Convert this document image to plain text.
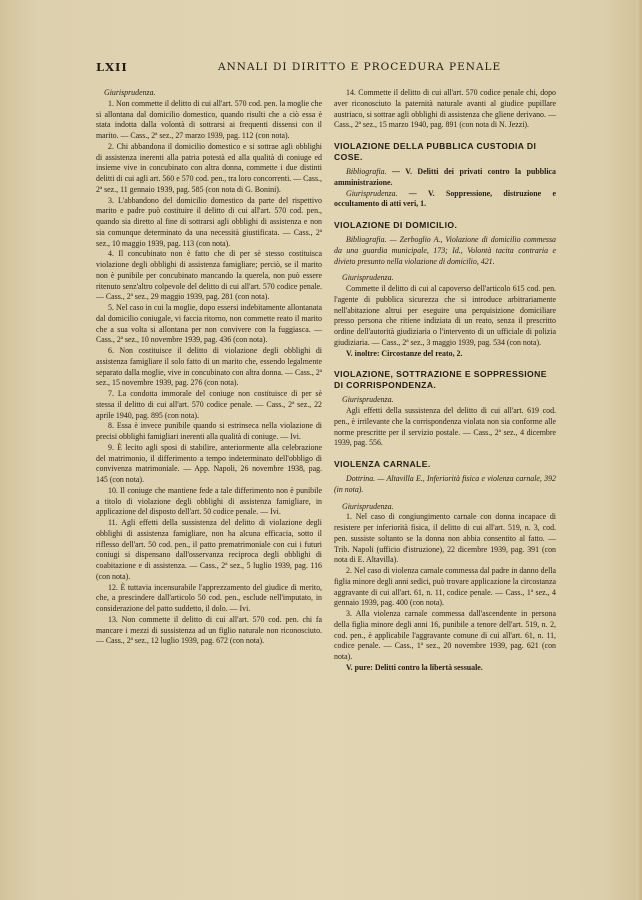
LXII	ANNALI DI DIRITTO E PROCEDURA PENALE

Giurisprudenza.

1. Non commette il delitto di cui all'art. 570 cod. pen. la moglie che si allontana dal domicilio domestico, quando risulti che a ciò essa è stata indotta dalla volontà di sottrarsi ai frequenti dissensi con il marito. — Cass., 2ª sez., 27 marzo 1939, pag. 112 (con nota).

2. Chi abbandona il domicilio domestico e si sottrae agli obblighi di assistenza inerenti alla patria potestà ed alla qualità di coniuge ed insieme vive in concubinato con altra donna, commette i due distinti delitti di cui agli art. 560 e 570 cod. pen., tra loro concorrenti. — Cass., 2ª sez., 11 gennaio 1939, pag. 585 (con nota di G. Bonini).

3. L'abbandono del domicilio domestico da parte del rispettivo marito e padre può costituire il delitto di cui all'art. 570 cod. pen., quando sia diretto al fine di sottrarsi agli obblighi di assistenza e non sia comunque determinato da una necessità giustificata. — Cass., 2ª sez., 10 maggio 1939, pag. 113 (con nota).

4. Il concubinato non è fatto che di per sè stesso costituisca violazione degli obblighi di assistenza famigliare; perciò, se il marito non è punibile per concubinato mancando la querela, non può essere ritenuto senz'altro colpevole del delitto di cui all'art. 570 codice penale. — Cass., 2ª sez., 29 maggio 1939, pag. 281 (con nota).

5. Nel caso in cui la moglie, dopo essersi indebitamente allontanata dal domicilio coniugale, vi faccia ritorno, non commette reato il marito che a sua volta si allontana per non convivere con la fuggiasca. — Cass., 2ª sez., 10 novembre 1939, pag. 436 (con nota).

6. Non costituisce il delitto di violazione degli obblighi di assistenza famigliare il solo fatto di un marito che, essendo legalmente separato dalla moglie, vive in concubinato con altra donna. — Cass., 2ª sez., 15 novembre 1939, pag. 276 (con nota).

7. La condotta immorale del coniuge non costituisce di per sè stessa il delitto di cui all'art. 570 codice penale. — Cass., 2ª sez., 22 aprile 1940, pag. 895 (con nota).

8. Essa è invece punibile quando si estrinseca nella violazione di precisi obblighi famigliari inerenti alla qualità di coniuge. — Ivi.

9. È lecito agli sposi di stabilire, anteriormente alla celebrazione del matrimonio, il differimento a tempo indeterminato dell'obbligo di convivenza matrimoniale. — App. Napoli, 26 novembre 1938, pag. 145 (con nota).

10. Il coniuge che mantiene fede a tale differimento non è punibile a titolo di violazione degli obblighi di assistenza famigliare, in applicazione del disposto dell'art. 50 codice penale. — Ivi.

11. Agli effetti della sussistenza del delitto di violazione degli obblighi di assistenza famigliare, non ha alcuna efficacia, sotto il riflesso dell'art. 50 cod. pen., il patto prematrimoniale con cui i futuri coniugi si dispensano dall'osservanza reciproca degli obblighi di coabitazione e di assistenza. — Cass., 2ª sez., 5 luglio 1939, pag. 116 (con nota).

12. È tuttavia incensurabile l'apprezzamento del giudice di merito, che, a prescindere dall'articolo 50 cod. pen., esclude nell'imputato, in considerazione del patto suddetto, il dolo. — Ivi.

13. Non commette il delitto di cui all'art. 570 cod. pen. chi fa mancare i mezzi di sussistenza ad un figlio naturale non riconosciuto. — Cass., 2ª sez., 12 luglio 1939, pag. 672 (con nota).

14. Commette il delitto di cui all'art. 570 codice penale chi, dopo aver riconosciuto la paternità naturale avanti al giudice pupillare austriaco, si sottrae agli obblighi di assistenza che gliene derivano. — Cass., 2ª sez., 15 marzo 1940, pag. 891 (con nota di N. Jezzi).

VIOLAZIONE DELLA PUBBLICA CUSTODIA DI COSE.

Bibliografia. — V. Delitti dei privati contro la pubblica amministrazione.

Giurisprudenza. — V. Soppressione, distruzione e occultamento di atti veri, 1.

VIOLAZIONE DI DOMICILIO.

Bibliografia. — Zerboglio A., Violazione di domicilio commessa da una guardia municipale, 173; Id., Volontà tacita contraria e divieto presunto nella violazione di domicilio, 421.

Giurisprudenza.

Commette il delitto di cui al capoverso dell'articolo 615 cod. pen. l'agente di pubblica sicurezza che si introduce arbitrariamente nell'abitazione altrui per eseguire una perquisizione domiciliare presso persona che ritiene indiziata di un reato, senza il prescritto ordine dell'autorità giudiziaria o l'intervento di un ufficiale di polizia giudiziaria. — Cass., 2ª sez., 3 maggio 1939, pag. 534 (con nota).

V. inoltre: Circostanze del reato, 2.

VIOLAZIONE, SOTTRAZIONE E SOPPRESSIONE DI CORRISPONDENZA.

Giurisprudenza.

Agli effetti della sussistenza del delitto di cui all'art. 619 cod. pen., è irrilevante che la corrispondenza violata non sia conforme alle norme prescritte per il servizio postale. — Cass., 2ª sez., 4 dicembre 1939, pag. 556.

VIOLENZA CARNALE.

Dottrina. — Altavilla E., Inferiorità fisica e violenza carnale, 392 (in nota).

Giurisprudenza.

1. Nel caso di congiungimento carnale con donna incapace di resistere per inferiorità fisica, il delitto di cui all'art. 519, n. 3, cod. pen. sussiste soltanto se la donna non abbia consentito al fatto. — Trib. Napoli (ufficio d'istruzione), 22 dicembre 1939, pag. 391 (con nota di E. Altavilla).

2. Nel caso di violenza carnale commessa dal padre in danno della figlia minore degli anni sedici, può trovare applicazione la circostanza aggravante di cui all'art. 61, n. 11, codice penale. — Cass., 1ª sez., 4 gennaio 1939, pag. 400 (con nota).

3. Alla violenza carnale commessa dall'ascendente in persona della figlia minore degli anni 16, punibile a tenore dell'art. 519, n. 2, cod. pen., è applicabile l'aggravante comune di cui all'art. 61, n. 11, codice penale. — Cass., 1ª sez., 20 novembre 1939, pag. 621 (con nota).

V. pure: Delitti contro la libertà sessuale.
